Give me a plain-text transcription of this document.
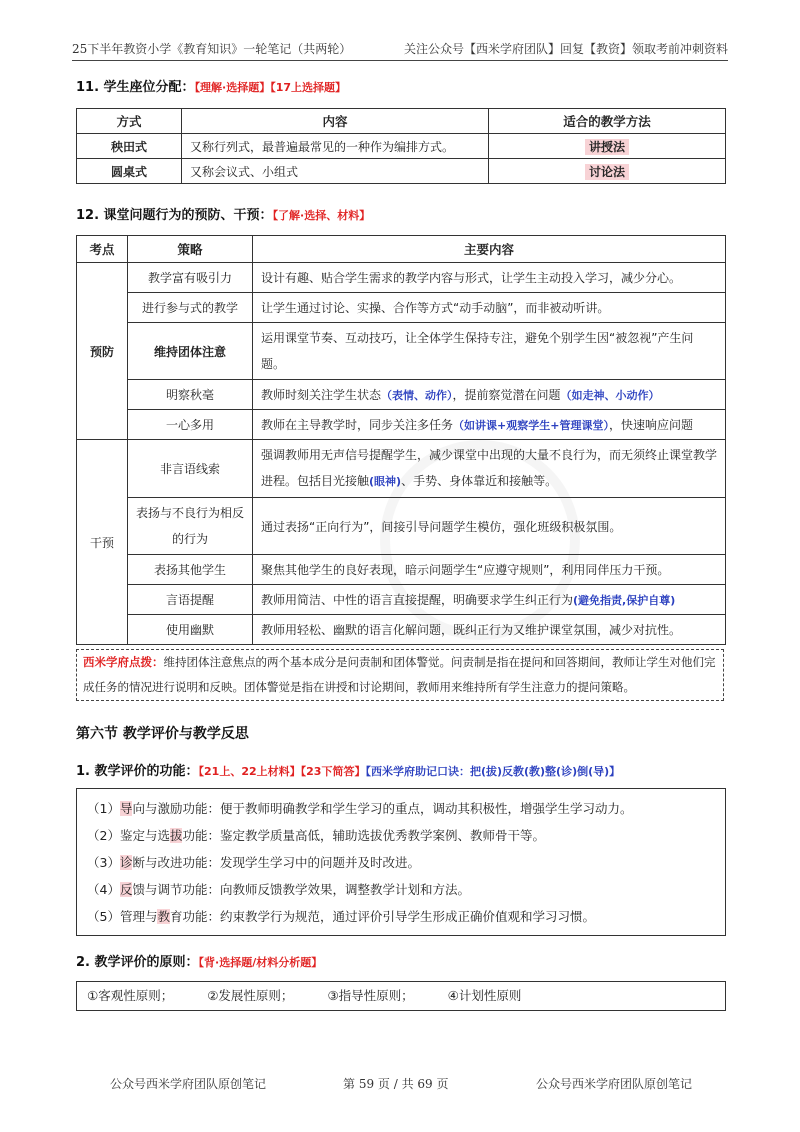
25下半年教资小学《教育知识》一轮笔记（共两轮）	关注公众号【西米学府团队】回复【教资】领取考前冲刺资料
11. 学生座位分配：【理解·选择题】【17上选择题】
方式	内容	适合的教学方法
秧田式	又称行列式，最普遍最常见的一种作为编排方式。	讲授法
圆桌式	又称会议式、小组式	讨论法
12. 课堂问题行为的预防、干预：【了解·选择、材料】
考点	策略	主要内容
预防	教学富有吸引力	设计有趣、贴合学生需求的教学内容与形式，让学生主动投入学习，减少分心。
	进行参与式的教学	让学生通过讨论、实操、合作等方式“动手动脑”，而非被动听讲。
	维持团体注意	运用课堂节奏、互动技巧，让全体学生保持专注，避免个别学生因“被忽视”产生问题。
	明察秋毫	教师时刻关注学生状态（表情、动作），提前察觉潜在问题（如走神、小动作）
	一心多用	教师在主导教学时，同步关注多任务（如讲课+观察学生+管理课堂），快速响应问题
干预	非言语线索	强调教师用无声信号提醒学生，减少课堂中出现的大量不良行为，而无须终止课堂教学进程。包括目光接触(眼神)、手势、身体靠近和接触等。
	表扬与不良行为相反的行为	通过表扬“正向行为”，间接引导问题学生模仿，强化班级积极氛围。
	表扬其他学生	聚焦其他学生的良好表现，暗示问题学生“应遵守规则”，利用同伴压力干预。
	言语提醒	教师用简洁、中性的语言直接提醒，明确要求学生纠正行为(避免指责,保护自尊)
	使用幽默	教师用轻松、幽默的语言化解问题，既纠正行为又维护课堂氛围，减少对抗性。
西米学府点拨：维持团体注意焦点的两个基本成分是问责制和团体警觉。问责制是指在提问和回答期间，教师让学生对他们完成任务的情况进行说明和反映。团体警觉是指在讲授和讨论期间，教师用来维持所有学生注意力的提问策略。
第六节 教学评价与教学反思
1. 教学评价的功能：【21上、22上材料】【23下简答】【西米学府助记口诀：把(拔)反教(教)整(诊)倒(导)】
（1）导向与激励功能：便于教师明确教学和学生学习的重点，调动其积极性，增强学生学习动力。
（2）鉴定与选拔功能：鉴定教学质量高低，辅助选拔优秀教学案例、教师骨干等。
（3）诊断与改进功能：发现学生学习中的问题并及时改进。
（4）反馈与调节功能：向教师反馈教学效果，调整教学计划和方法。
（5）管理与教育功能：约束教学行为规范，通过评价引导学生形成正确价值观和学习习惯。
2. 教学评价的原则：【背·选择题/材料分析题】
①客观性原则；	②发展性原则；	③指导性原则；	④计划性原则
公众号西米学府团队原创笔记	第 59 页 / 共 69 页	公众号西米学府团队原创笔记
